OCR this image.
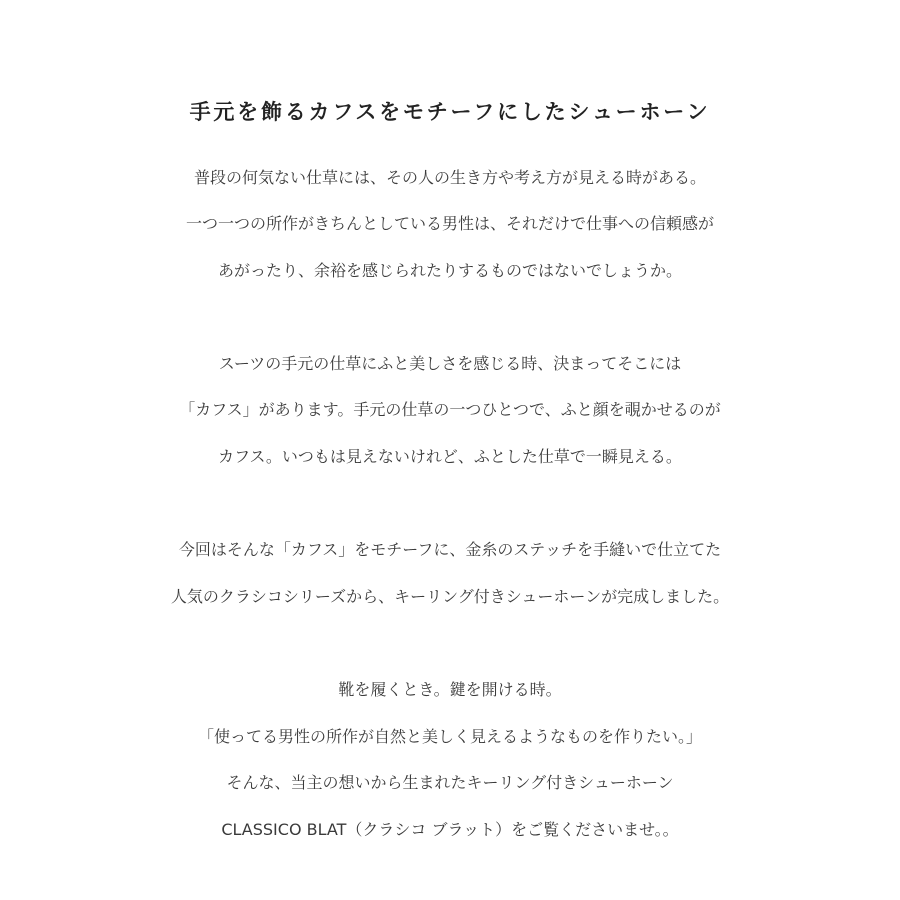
手元を飾るカフスをモチーフにしたシューホーン

普段の何気ない仕草には、その人の生き方や考え方が見える時がある。

一つ一つの所作がきちんとしている男性は、それだけで仕事への信頼感が

あがったり、余裕を感じられたりするものではないでしょうか。

スーツの手元の仕草にふと美しさを感じる時、決まってそこには

「カフス」があります。手元の仕草の一つひとつで、ふと顔を覗かせるのが

カフス。いつもは見えないけれど、ふとした仕草で一瞬見える。

今回はそんな「カフス」をモチーフに、金糸のステッチを手縫いで仕立てた

人気のクラシコシリーズから、キーリング付きシューホーンが完成しました。

靴を履くとき。鍵を開ける時。

「使ってる男性の所作が自然と美しく見えるようなものを作りたい。」

そんな、当主の想いから生まれたキーリング付きシューホーン

CLASSICO BLAT（クラシコ ブラット）をご覧くださいませ。。
